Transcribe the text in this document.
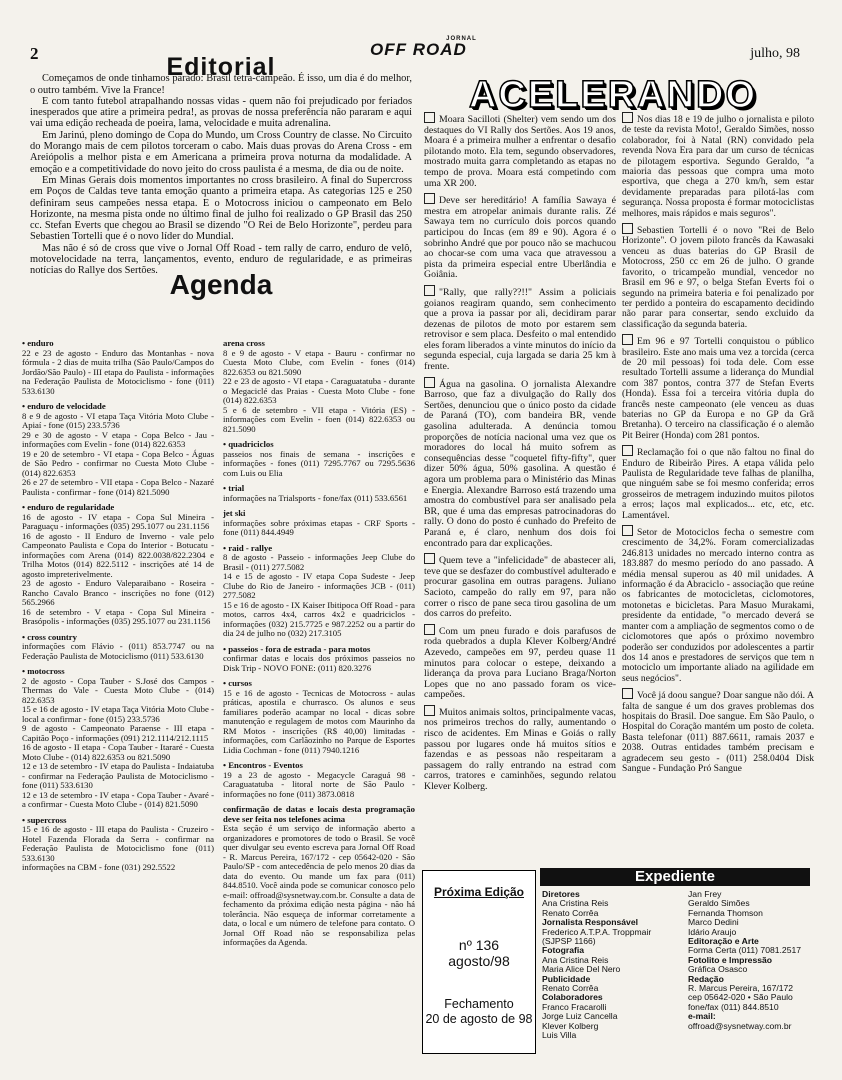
2	OFF ROAD
JORNAL
julho, 98
Editorial

Começamos de onde tinhamos parado: Brasil tetra-campeão. É isso, um dia é do melhor, o outro também. Vive la France!

E com tanto futebol atrapalhando nossas vidas - quem não foi prejudicado por feriados inesperados que atire a primeira pedra!, as provas de nossa preferência não pararam e aqui vai uma edição recheada de poeira, lama, velocidade e muita adrenalina.

Em Jarinú, pleno domingo de Copa do Mundo, um Cross Country de classe. No Circuito do Morango mais de cem pilotos torceram o cabo. Mais duas provas do Arena Cross - em Areiópolis a melhor pista e em Americana a primeira prova noturna da modalidade. A emoção e a competitividade do novo jeito do cross paulista é a mesma, de dia ou de noite.

Em Minas Gerais dois momentos importantes no cross brasileiro. A final do Supercross em Poços de Caldas teve tanta emoção quanto a primeira etapa. As categorias 125 e 250 definiram seus campeões nessa etapa. E o Motocross iniciou o campeonato em Belo Horizonte, na mesma pista onde no último final de julho foi realizado o GP Brasil das 250 cc. Stefan Everts que chegou ao Brasil se dizendo "O Rei de Belo Horizonte", perdeu para Sebastien Tortelli que é o novo líder do Mundial.

Mas não é só de cross que vive o Jornal Off Road - tem rally de carro, enduro de velô, motovelocidade na terra, lançamentos, evento, enduro de regularidade, e as primeiras notícias do Rallye dos Sertões. Agenda
• enduro

22 e 23 de agosto - Enduro das Montanhas - nova fórmula - 2 dias de muita trilha (São Paulo/Campos do Jordão/São Paulo) - III etapa do Paulista - informações na Federação Paulista de Motociclismo - fone (011) 533.6130

• enduro de velocidade

8 e 9 de agosto - VI etapa Taça Vitória Moto Clube - Apiaí - fone (015) 233.5736

29 e 30 de agosto - V etapa - Copa Belco - Jau - informações com Evelin - fone (014) 822.6353

19 e 20 de setembro - VI etapa - Copa Belco - Águas de São Pedro - confirmar no Cuesta Moto Clube - (014) 822.6353

26 e 27 de setembro - VII etapa - Copa Belco - Nazaré Paulista - confirmar - fone (014) 821.5090

• enduro de regularidade

16 de agosto - IV etapa - Copa Sul Mineira - Paraguaçu - informações (035) 295.1077 ou 231.1156

16 de agosto - II Enduro de Inverno - vale pelo Campeonato Paulista e Copa do Interior - Botucatu - informações com Arena (014) 822.0038/822.2304 e Trilha Motos (014) 822.5112 - inscrições até 14 de agosto impreterivelmente.

23 de agosto - Enduro Valeparaibano - Roseira - Rancho Cavalo Branco - inscrições no fone (012) 565.2966

16 de setembro - V etapa - Copa Sul Mineira - Brasópolis - informações (035) 295.1077 ou 231.1156

• cross country

informações com Flávio - (011) 853.7747 ou na Federação Paulista de Motociclismo (011) 533.6130

• motocross

2 de agosto - Copa Tauber - S.José dos Campos - Thermas do Vale - Cuesta Moto Clube - (014) 822.6353

15 e 16 de agosto - IV etapa Taça Vitória Moto Clube - local a confirmar - fone (015) 233.5736

9 de agosto - Campeonato Paraense - III etapa - Capitão Poço - informações (091) 212.1114/212.1115

16 de agosto - II etapa - Copa Tauber - Itararé - Cuesta Moto Clube - (014) 822.6353 ou 821.5090

12 e 13 de setembro - IV etapa do Paulista - Indaiatuba - confirmar na Federação Paulista de Motociclismo - fone (011) 533.6130

12 e 13 de setembro - IV etapa - Copa Tauber - Avaré - a confirmar - Cuesta Moto Clube - (014) 821.5090

• supercross

15 e 16 de agosto - III etapa do Paulista - Cruzeiro - Hotel Fazenda Florada da Serra - confirmar na Federação Paulista de Motociclismo fone (011) 533.6130

informações na CBM - fone (031) 292.5522

arena cross

8 e 9 de agosto - V etapa - Bauru - confirmar no Cuesta Moto Clube, com Evelin - fones (014) 822.6353 ou 821.5090

22 e 23 de agosto - VI etapa - Caraguatatuba - durante o Megaciclé das Praias - Cuesta Moto Clube - fone (014) 822.6353

5 e 6 de setembro - VII etapa - Vitória (ES) - informações com Evelin - foen (014) 822.6353 ou 821.5090

• quadriciclos

passeios nos finais de semana - inscrições e informações - fones (011) 7295.7767 ou 7295.5636 com Luis ou Elia

• trial

informações na Trialsports - fone/fax (011) 533.6561

jet ski

informações sobre próximas etapas - CRF Sports - fone (011) 844.4949

• raid - rallye

8 de agosto - Passeio - informações Jeep Clube do Brasil - (011) 277.5082

14 e 15 de agosto - IV etapa Copa Sudeste - Jeep Clube do Rio de Janeiro - informações JCB - (011) 277.5082

15 e 16 de agosto - IX Kaiser Ibitipoca Off Road - para motos, carros 4x4, carros 4x2 e quadriciclos - informações (032) 215.7725 e 987.2252 ou a partir do dia 24 de julho no (032) 217.3105

• passeios - fora de estrada - para motos

confirmar datas e locais dos próximos passeios no Disk Trip - NOVO FONE: (011) 820.3276

• cursos

15 e 16 de agosto - Tecnicas de Motocross - aulas práticas, apostila e churrasco. Os alunos e seus familiares poderão acampar no local - dicas sobre manutenção e regulagem de motos com Maurinho da RM Motos - inscrições (R$ 40,00) limitadas - informações, com Carlãozinho no Parque de Esportes Lidia Cochman - fone (011) 7940.1216

• Encontros - Eventos

19 a 23 de agosto - Megacycle Caraguá 98 - Caraguatatuba - litoral norte de São Paulo - informações no fone (011) 3873.0818

confirmação de datas e locais desta programação deve ser feita nos telefones acima

Esta seção é um serviço de informação aberto a organizadores e promotores de todo o Brasil. Se você quer divulgar seu evento escreva para Jornal Off Road - R. Marcus Pereira, 167/172 - cep 05642-020 - São Paulo/SP - com antecedência de pelo menos 20 dias da data do evento. Ou mande um fax para (011) 844.8510. Você ainda pode se comunicar conosco pelo e-mail: offroad@sysnetway.com.br. Consulte a data de fechamento da próxima edição nesta página - não há tolerância. Não esqueça de informar corretamente a data, o local e um número de telefone para contato. O Jornal Off Road não se responsabiliza pelas informações da Agenda.

ACELERANDO

Moara Sacilloti (Shelter) vem sendo um dos destaques do VI Rally dos Sertões. Aos 19 anos, Moara é a primeira mulher a enfrentar o desafio pilotando moto. Ela tem, segundo observadores, mostrado muita garra completando as etapas no tempo de prova. Moara está competindo com uma XR 200.

Deve ser hereditário! A família Sawaya é mestra em atropelar animais durante ralis. Zé Sawaya tem no currículo dois porcos quando participou do Incas (em 89 e 90). Agora é o sobrinho André que por pouco não se machucou ao chocar-se com uma vaca que atravessou a pista da primeira especial entre Uberlândia e Goiânia.

"Rally, que rally??!!" Assim a policiais goianos reagiram quando, sem conhecimento que a prova ia passar por ali, decidiram parar dezenas de pilotos de moto por estarem sem retrovisor e sem placa. Desfeito o mal entendido eles foram liberados a vinte minutos do início da segunda especial, cuja largada se daria 25 km à frente.

Água na gasolina. O jornalista Alexandre Barroso, que faz a divulgação do Rally dos Sertões, denunciou que o único posto da cidade de Paraná (TO), com bandeira BR, vende gasolina adulterada. A denúncia tomou proporções de notícia nacional uma vez que os moradores do local há muito sofrem as consequências desse "coquetel fifty-fifty", quer dizer 50% água, 50% gasolina. A questão é agora um problema para o Ministério das Minas e Energia. Alexandre Barroso está trazendo uma amostra do combustível para ser analisado pela BR, que é uma das empresas patrocinadoras do rally. O dono do posto é cunhado do Prefeito de Paraná e, é claro, nenhum dos dois foi encontrado para dar explicações.

Quem teve a "infelicidade" de abastecer ali, teve que se desfazer do combustível adulterado e procurar gasolina em outras paragens. Juliano Sacioto, campeão do rally em 97, para não correr o risco de pane seca tirou gasolina de um dos carros do prefeito.

Com um pneu furado e dois parafusos de roda quebrados a dupla Klever Kolberg/André Azevedo, campeões em 97, perdeu quase 11 minutos para colocar o estepe, deixando a liderança da prova para Luciano Braga/Norton Lopes que no ano passado foram os vice-campeões.

Muitos animais soltos, principalmente vacas, nos primeiros trechos do rally, aumentando o risco de acidentes. Em Minas e Goiás o rally passou por lugares onde há muitos sítios e fazendas e as pessoas não respeitaram a passagem do rally entrando na estrad com carros, tratores e caminhões, segundo relatou Klever Kolberg.

Nos dias 18 e 19 de julho o jornalista e piloto de teste da revista Moto!, Geraldo Simões, nosso colaborador, foi à Natal (RN) convidado pela revenda Nova Era para dar um curso de técnicas de pilotagem esportiva. Segundo Geraldo, "a maioria das pessoas que compra uma moto esportiva, que chega a 270 km/h, sem estar devidamente preparadas para pilotá-las com segurança. Nossa proposta é formar motociclistas melhores, mais rápidos e mais seguros".

Sebastien Tortelli é o novo "Rei de Belo Horizonte". O jovem piloto francês da Kawasaki venceu as duas baterias do GP Brasil de Motocross, 250 cc em 26 de julho. O grande favorito, o tricampeão mundial, vencedor no Brasil em 96 e 97, o belga Stefan Everts foi o segundo na primeira bateria e foi penalizado por ter perdido a ponteira do escapamento decidindo não parar para consertar, sendo excluido da classificação da segunda bateria.

Em 96 e 97 Tortelli conquistou o público brasileiro. Este ano mais uma vez a torcida (cerca de 20 mil pessoas) foi toda dele. Com esse resultado Tortelli assume a liderança do Mundial com 387 pontos, contra 377 de Stefan Everts (Honda). Essa foi a terceira vitória dupla do francês neste campeonato (ele venceu as duas baterias no GP da Europa e no GP da Grã Bretanha). O terceiro na classificação é o alemão Pit Beirer (Honda) com 281 pontos.

Reclamação foi o que não faltou no final do Enduro de Ribeirão Pires. A etapa válida pelo Paulista de Regularidade teve falhas de planilha, que ninguém sabe se foi mesmo conferida; erros grosseiros de metragem induzindo muitos pilotos a erros; laços mal explicados... etc, etc, etc. Lamentável.

Setor de Motociclos fecha o semestre com crescimento de 34,2%. Foram comercializadas 246.813 unidades no mercado interno contra as 183.887 do mesmo período do ano passado. A média mensal superou as 40 mil unidades. A informação é da Abraciclo - associação que reúne os fabricantes de motocicletas, ciclomotores, motonetas e bicicletas. Para Masuo Murakami, presidente da entidade, "o mercado deverá se manter com a ampliação de segmentos como o de ciclomotores que após o próximo novembro poderão ser conduzidos por adolescentes a partir dos 14 anos e prestadores de serviços que tem n motociclo um importante aliado na agilidade em seus negócios".

Você já doou sangue? Doar sangue não dói. A falta de sangue é um dos graves problemas dos hospitais do Brasil. Doe sangue. Em São Paulo, o Hospital do Coração mantém um posto de coleta. Basta telefonar (011) 887.6611, ramais 2037 e 2038. Outras entidades também precisam e agradecem seu gesto - (011) 258.0404 Disk Sangue - Fundação Pró Sangue

Próxima Edição
nº 136
agosto/98
Fechamento
20 de agosto de 98
Expediente
Diretores
Ana Cristina Reis
Renato Corrêa
Jornalista Responsável
Frederico A.T.P.A. Troppmair
(SJPSP 1166)
Fotografia
Ana Cristina Reis
Maria Alice Del Nero
Publicidade
Renato Corrêa
Colaboradores
Franco Fracarolli
Jorge Luiz Cancella
Klever Kolberg
Luis Villa
Jan Frey
Geraldo Simões
Fernanda Thomson
Marco Dedini
Idário Araujo
Editoração e Arte
Forma Certa (011) 7081.2517
Fotolito e Impressão
Gráfica Osasco
Redação
R. Marcus Pereira, 167/172
cep 05642-020 • São Paulo
fone/fax (011) 844.8510
e-mail:
offroad@sysnetway.com.br
